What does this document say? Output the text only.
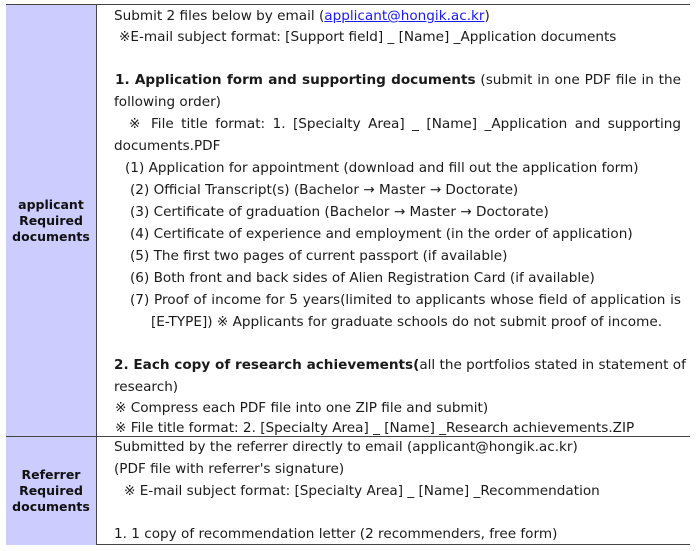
applicant
Required
documents
Submit 2 files below by email (applicant@hongik.ac.kr)
※E-mail subject format: [Support field] _ [Name] _Application documents
1. Application form and supporting documents (submit in one PDF file in the
following order)
※ File title format: 1. [Specialty Area] _ [Name] _Application and supporting
documents.PDF
(1) Application for appointment (download and fill out the application form)
(2) Official Transcript(s) (Bachelor → Master → Doctorate)
(3) Certificate of graduation (Bachelor → Master → Doctorate)
(4) Certificate of experience and employment (in the order of application)
(5) The first two pages of current passport (if available)
(6) Both front and back sides of Alien Registration Card (if available)
(7) Proof of income for 5 years(limited to applicants whose field of application is
[E-TYPE]) ※ Applicants for graduate schools do not submit proof of income.
2. Each copy of research achievements(all the portfolios stated in statement of
research)
※ Compress each PDF file into one ZIP file and submit)
※ File title format: 2. [Specialty Area] _ [Name] _Research achievements.ZIP
Referrer
Required
documents
Submitted by the referrer directly to email (applicant@hongik.ac.kr)
(PDF file with referrer's signature)
※ E-mail subject format: [Specialty Area] _ [Name] _Recommendation
1. 1 copy of recommendation letter (2 recommenders, free form)
